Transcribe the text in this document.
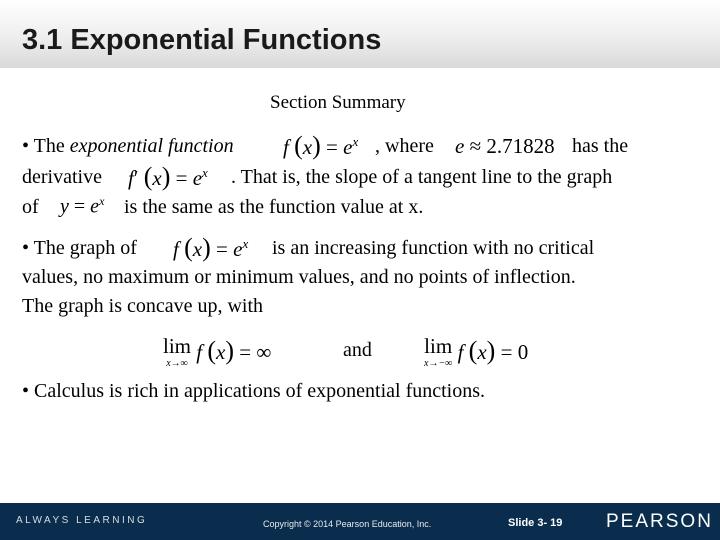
3.1 Exponential Functions
Section Summary
• The exponential function f $(x) = e^x$ , where e ≈ 2.71828 has the
derivative f′ $(x) = e^x$ . That is, the slope of a tangent line to the graph
of $y = e^x$ is the same as the function value at x.
• The graph of f $(x) = e^x$ is an increasing function with no critical
values, no maximum or minimum values, and no points of inflection.
The graph is concave up, with
lim
x→∞ f (x) = ∞	and lim
x→−∞ f (x) = 0
• Calculus is rich in applications of exponential functions.
ALWAYS LEARNING	Copyright © 2014 Pearson Education, Inc.	Slide 3- 19 PEARSON
